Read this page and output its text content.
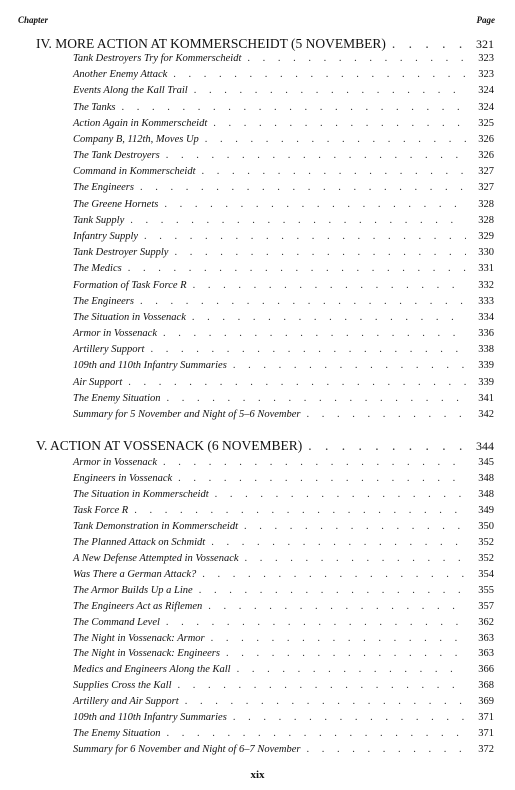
Chapter	Page
IV. MORE ACTION AT KOMMERSCHEIDT (5 NOVEMBER) . . .	321
Tank Destroyers Try for Kommerscheidt . . .	323
Another Enemy Attack . . .	323
Events Along the Kall Trail . . .	324
The Tanks . . .	324
Action Again in Kommerscheidt . . .	325
Company B, 112th, Moves Up . . .	326
The Tank Destroyers . . .	326
Command in Kommerscheidt . . .	327
The Engineers . . .	327
The Greene Hornets . . .	328
Tank Supply . . .	328
Infantry Supply . . .	329
Tank Destroyer Supply . . .	330
The Medics . . .	331
Formation of Task Force R . . .	332
The Engineers . . .	333
The Situation in Vossenack . . .	334
Armor in Vossenack . . .	336
Artillery Support . . .	338
109th and 110th Infantry Summaries . . .	339
Air Support . . .	339
The Enemy Situation . . .	341
Summary for 5 November and Night of 5–6 November . . .	342
V. ACTION AT VOSSENACK (6 NOVEMBER) . . .	344
Armor in Vossenack . . .	345
Engineers in Vossenack . . .	348
The Situation in Kommerscheidt . . .	348
Task Force R . . .	349
Tank Demonstration in Kommerscheidt . . .	350
The Planned Attack on Schmidt . . .	352
A New Defense Attempted in Vossenack . . .	352
Was There a German Attack? . . .	354
The Armor Builds Up a Line . . .	355
The Engineers Act as Riflemen . . .	357
The Command Level . . .	362
The Night in Vossenack: Armor . . .	363
The Night in Vossenack: Engineers . . .	363
Medics and Engineers Along the Kall . . .	366
Supplies Cross the Kall . . .	368
Artillery and Air Support . . .	369
109th and 110th Infantry Summaries . . .	371
The Enemy Situation . . .	371
Summary for 6 November and Night of 6–7 November . . .	372
xix
